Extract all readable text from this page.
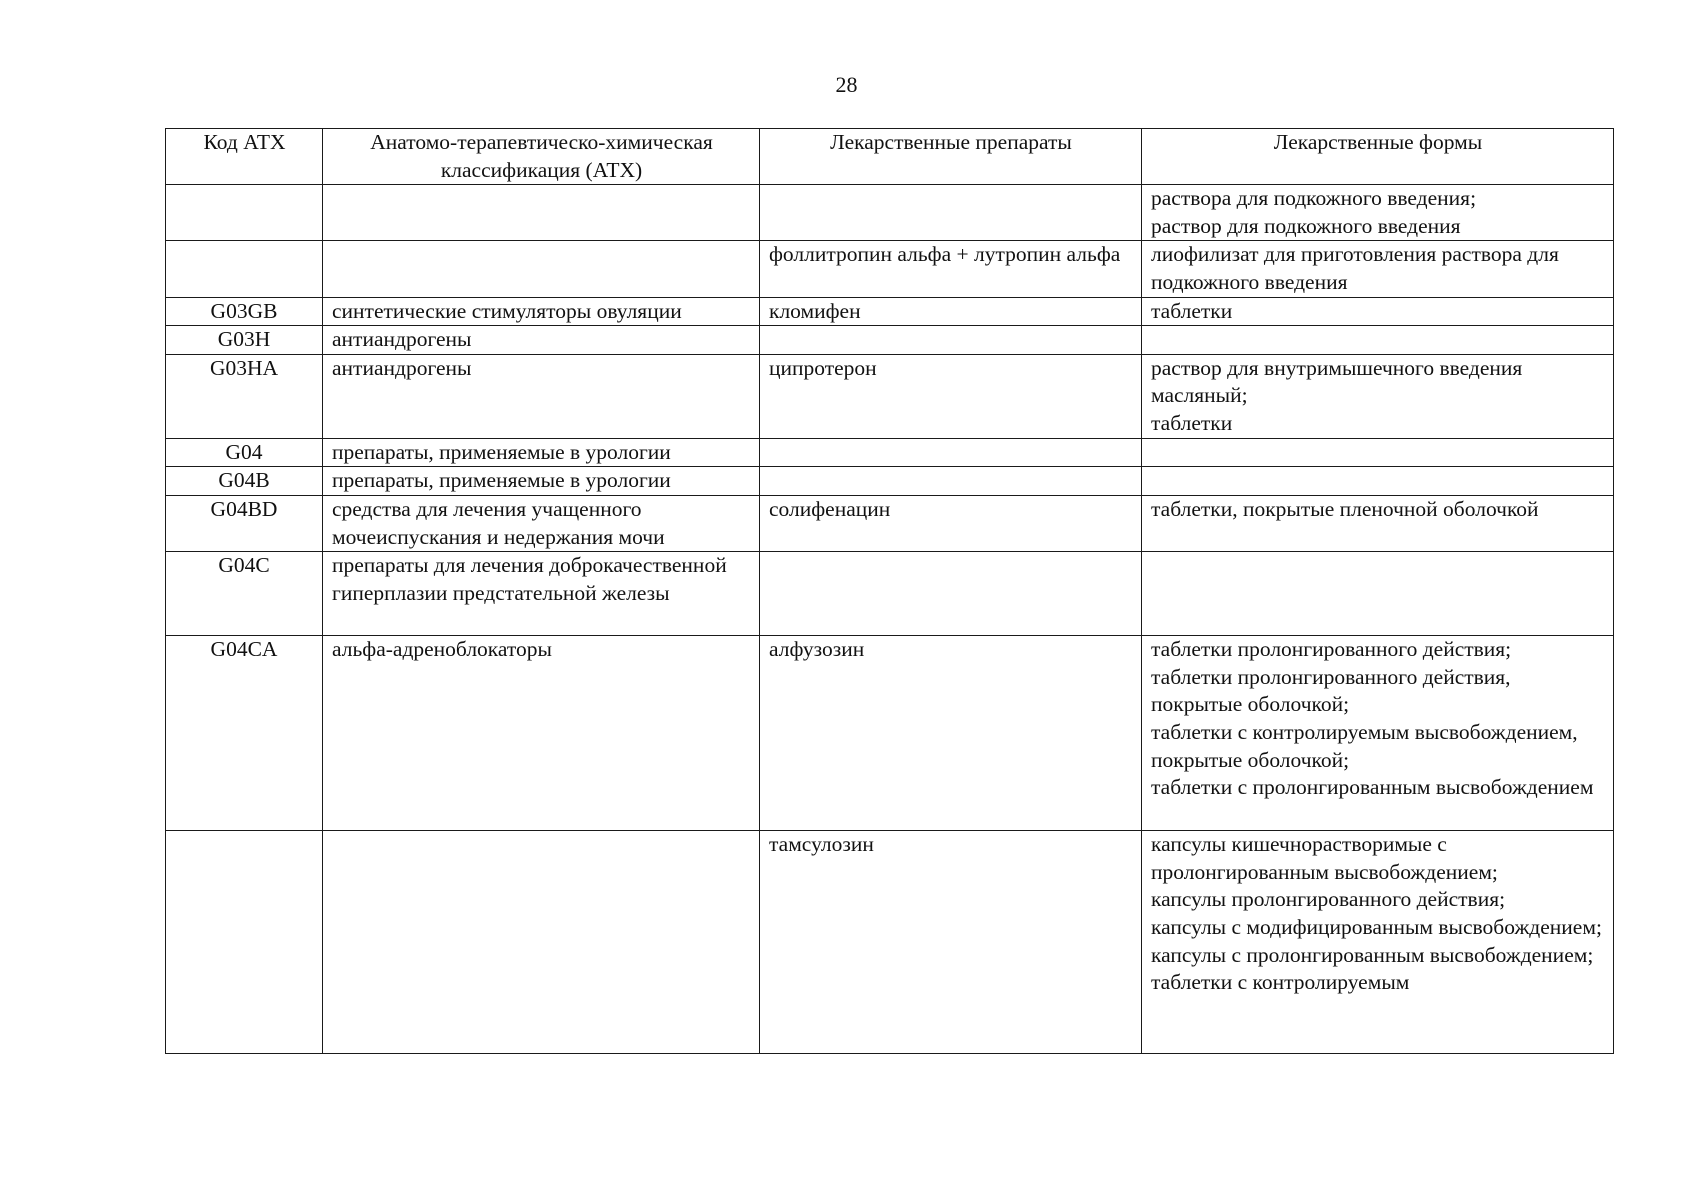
28
Код АТХ	Анатомо-терапевтическо-химическая классификация (АТХ)	Лекарственные препараты	Лекарственные формы
			раствора для подкожного введения;
раствор для подкожного введения
		фоллитропин альфа + лутропин альфа	лиофилизат для приготовления раствора для подкожного введения
G03GB	синтетические стимуляторы овуляции	кломифен	таблетки
G03H	антиандрогены		
G03HA	антиандрогены	ципротерон	раствор для внутримышечного введения масляный;
таблетки
G04	препараты, применяемые в урологии		
G04B	препараты, применяемые в урологии		
G04BD	средства для лечения учащенного мочеиспускания и недержания мочи	солифенацин	таблетки, покрытые пленочной оболочкой
G04C	препараты для лечения доброкачественной гиперплазии предстательной железы		
G04CA	альфа-адреноблокаторы	алфузозин	таблетки пролонгированного действия;
таблетки пролонгированного действия, покрытые оболочкой;
таблетки с контролируемым высвобождением, покрытые оболочкой;
таблетки с пролонгированным высвобождением
		тамсулозин	капсулы кишечнорастворимые с пролонгированным высвобождением;
капсулы пролонгированного действия;
капсулы с модифицированным высвобождением;
капсулы с пролонгированным высвобождением;
таблетки с контролируемым
